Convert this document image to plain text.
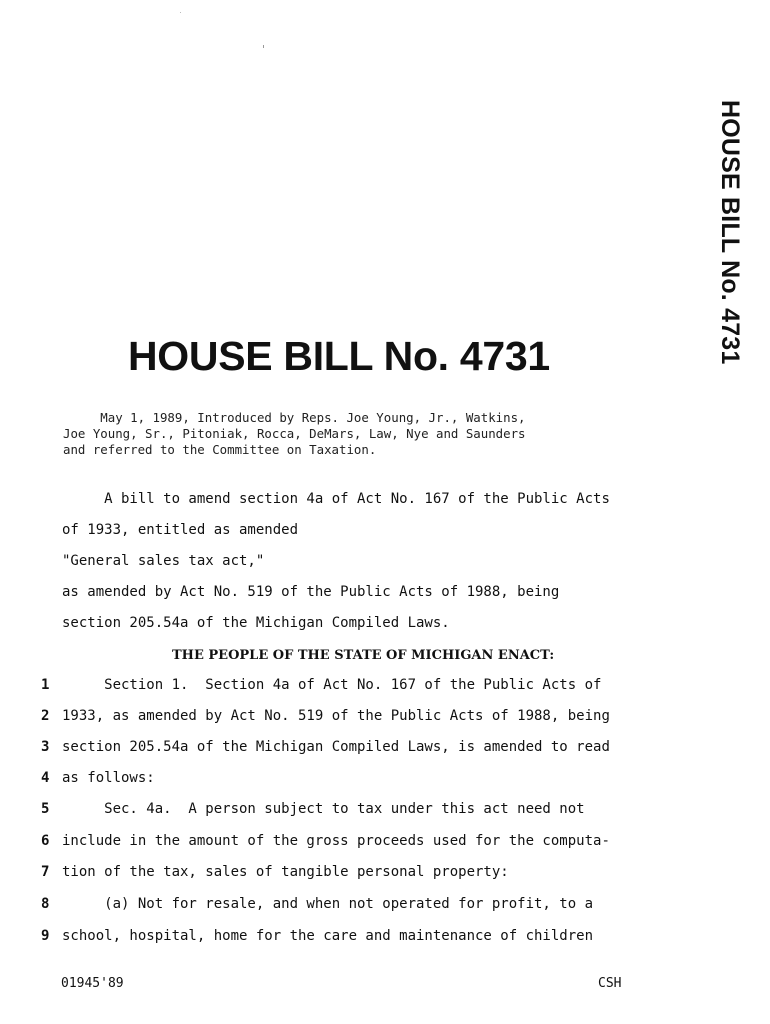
HOUSE BILL No. 4731
HOUSE BILL No. 4731
May 1, 1989, Introduced by Reps. Joe Young, Jr., Watkins,
Joe Young, Sr., Pitoniak, Rocca, DeMars, Law, Nye and Saunders
and referred to the Committee on Taxation.
A bill to amend section 4a of Act No. 167 of the Public Acts
of 1933, entitled as amended
"General sales tax act,"
as amended by Act No. 519 of the Public Acts of 1988, being
section 205.54a of the Michigan Compiled Laws.
THE PEOPLE OF THE STATE OF MICHIGAN ENACT:
1 Section 1.  Section 4a of Act No. 167 of the Public Acts of
2 1933, as amended by Act No. 519 of the Public Acts of 1988, being
3 section 205.54a of the Michigan Compiled Laws, is amended to read
4 as follows:
5 Sec. 4a.  A person subject to tax under this act need not
6 include in the amount of the gross proceeds used for the computa-
7 tion of the tax, sales of tangible personal property:
8 (a) Not for resale, and when not operated for profit, to a
9 school, hospital, home for the care and maintenance of children
01945'89	CSH
